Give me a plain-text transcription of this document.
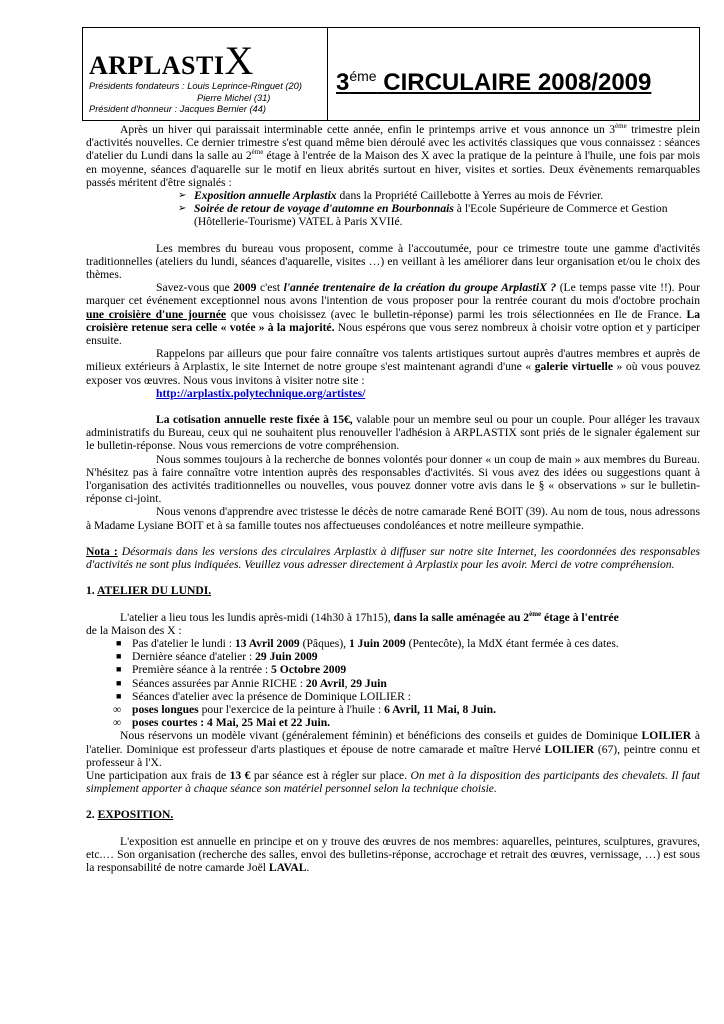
ARPLASTIX
Présidents fondateurs : Louis Leprince-Ringuet (20)
Pierre Michel (31)
Président d'honneur : Jacques Bernier (44)
$3^{éme}$ CIRCULAIRE 2008/2009

Après un hiver qui paraissait interminable cette année, enfin le printemps arrive et vous annonce un $3^{éme}$ trimestre plein d'activités nouvelles. Ce dernier trimestre s'est quand même bien déroulé avec les activités classiques que vous connaissez : séances d'atelier du Lundi dans la salle au 2ème étage à l'entrée de la Maison des X avec la pratique de la peinture à l'huile, une fois par mois en moyenne, séances d'aquarelle sur le motif en lieux abrités surtout en hiver, visites et sorties. Deux évènements remarquables passés méritent d'être signalés :

➢ Exposition annuelle Arplastix dans la Propriété Caillebotte à Yerres au mois de Février.
➢ Soirée de retour de voyage d'automne en Bourbonnais à l'Ecole Supérieure de Commerce et Gestion (Hôtellerie-Tourisme) VATEL à Paris XVIIé.

Les membres du bureau vous proposent, comme à l'accoutumée, pour ce trimestre toute une gamme d'activités traditionnelles (ateliers du lundi, séances d'aquarelle, visites …) en veillant à les améliorer dans leur organisation et/ou le choix des thèmes.

Savez-vous que 2009 c'est l'année trentenaire de la création du groupe ArplastiX ? (Le temps passe vite !!). Pour marquer cet événement exceptionnel nous avons l'intention de vous proposer pour la rentrée courant du mois d'octobre prochain une croisière d'une journée que vous choisissez (avec le bulletin-réponse) parmi les trois sélectionnées en Ile de France. La croisière retenue sera celle « votée » à la majorité. Nous espérons que vous serez nombreux à choisir votre option et y participer ensuite.

Rappelons par ailleurs que pour faire connaître vos talents artistiques surtout auprès d'autres membres et auprès de milieux extérieurs à Arplastix, le site Internet de notre groupe s'est maintenant agrandi d'une « galerie virtuelle » où vous pouvez exposer vos œuvres. Nous vous invitons à visiter notre site :

http://arplastix.polytechnique.org/artistes/

La cotisation annuelle reste fixée à 15€, valable pour un membre seul ou pour un couple. Pour alléger les travaux administratifs du Bureau, ceux qui ne souhaitent plus renouveller l'adhésion à ARPLASTIX sont priés de le signaler également sur le bulletin-réponse. Nous vous remercions de votre compréhension.

Nous sommes toujours à la recherche de bonnes volontés pour donner « un coup de main » aux membres du Bureau. N'hésitez pas à faire connaître votre intention auprès des responsables d'activités. Si vous avez des idées ou suggestions quant à l'organisation des activités traditionnelles ou nouvelles, vous pouvez donner votre avis dans le § « observations » sur le bulletin-réponse ci-joint.

Nous venons d'apprendre avec tristesse le décès de notre camarade René BOIT (39). Au nom de tous, nous adressons à Madame Lysiane BOIT et à sa famille toutes nos affectueuses condoléances et notre meilleure sympathie.

Nota : Désormais dans les versions des circulaires Arplastix à diffuser sur notre site Internet, les coordonnées des responsables d'activités ne sont plus indiquées. Veuillez vous adresser directement à Arplastix pour les avoir. Merci de votre compréhension.

1. ATELIER DU LUNDI.

L'atelier a lieu tous les lundis après-midi (14h30 à 17h15), dans la salle aménagée au 2ème étage à l'entrée

de la Maison des X :

■ Pas d'atelier le lundi : 13 Avril 2009 (Pâques), 1 Juin 2009 (Pentecôte), la MdX étant fermée à ces dates.
■ Dernière séance d'atelier : 29 Juin 2009
■ Première séance à la rentrée : 5 Octobre 2009
■ Séances assurées par Annie RICHE : 20 Avril, 29 Juin
■ Séances d'atelier avec la présence de Dominique LOILIER :
∞ poses longues pour l'exercice de la peinture à l'huile : 6 Avril, 11 Mai, 8 Juin.
∞ poses courtes : 4 Mai, 25 Mai et 22 Juin.

Nous réservons un modèle vivant (généralement féminin) et bénéficions des conseils et guides de Dominique LOILIER à l'atelier. Dominique est professeur d'arts plastiques et épouse de notre camarade et maître Hervé LOILIER (67), peintre connu et professeur à l'X.

Une participation aux frais de 13 € par séance est à régler sur place. On met à la disposition des participants des chevalets. Il faut simplement apporter à chaque séance son matériel personnel selon la technique choisie.

2. EXPOSITION.

L'exposition est annuelle en principe et on y trouve des œuvres de nos membres: aquarelles, peintures, sculptures, gravures, etc.… Son organisation (recherche des salles, envoi des bulletins-réponse, accrochage et retrait des œuvres, vernissage, …) est sous la responsabilité de notre camarde Joël LAVAL.
